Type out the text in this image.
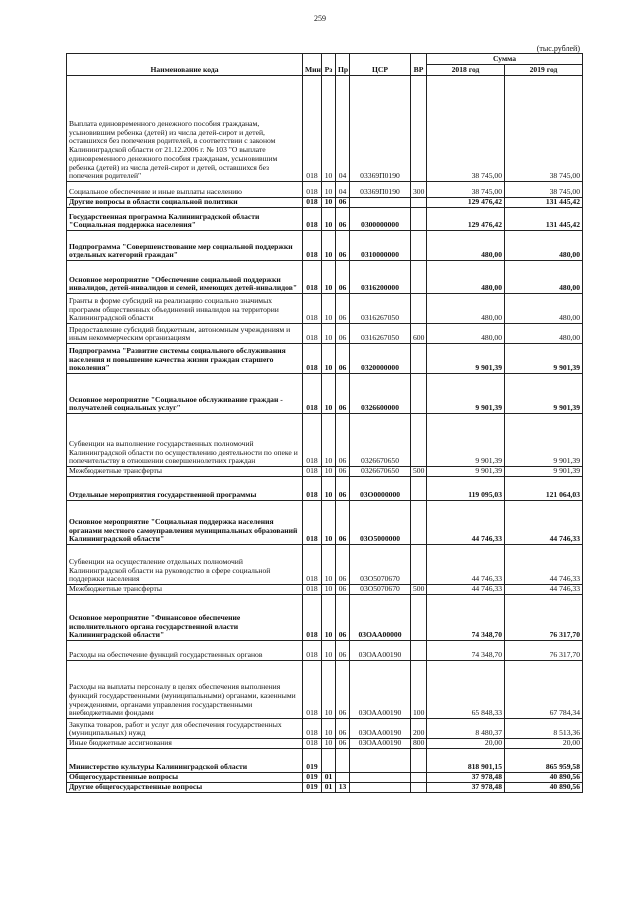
259
(тыс.рублей)
Наименование кода	Мин	Рз	Пр	ЦСР	ВР	Сумма	
						2018 год	2019 год
Выплата единовременного денежного пособия гражданам, усыновившим ребенка (детей) из числа детей-сирот и детей, оставшихся без попечения родителей, в соответствии с законом Калининградской области от 21.12.2006 г. № 103 "О выплате единовременного денежного пособия гражданам, усыновившим ребенка (детей) из числа детей-сирот и детей, оставшихся без попечения родителей"	018	10	04	03369П0190		38 745,00	38 745,00
Социальное обеспечение и иные выплаты населению	018	10	04	03369П0190	300	38 745,00	38 745,00
Другие вопросы в области социальной политики	018	10	06			129 476,42	131 445,42
Государственная программа Калининградской области "Социальная поддержка населения"	018	10	06	0300000000		129 476,42	131 445,42
Подпрограмма "Совершенствование мер социальной поддержки отдельных категорий граждан"	018	10	06	0310000000		480,00	480,00
Основное мероприятие "Обеспечение социальной поддержки инвалидов, детей-инвалидов и семей, имеющих детей-инвалидов"	018	10	06	0316200000		480,00	480,00
Гранты в форме субсидий на реализацию социально значимых программ общественных объединений инвалидов на территории Калининградской области	018	10	06	0316267050		480,00	480,00
Предоставление субсидий бюджетным, автономным учреждениям и иным некоммерческим организациям	018	10	06	0316267050	600	480,00	480,00
Подпрограмма "Развитие системы социального обслуживания населения и повышение качества жизни граждан старшего поколения"	018	10	06	0320000000		9 901,39	9 901,39
Основное мероприятие "Социальное обслуживание граждан - получателей социальных услуг"	018	10	06	0326600000		9 901,39	9 901,39
Субвенции на выполнение государственных полномочий Калининградской области по осуществлению деятельности по опеке и попечительству в отношении совершеннолетних граждан	018	10	06	0326670650		9 901,39	9 901,39
Межбюджетные трансферты	018	10	06	0326670650	500	9 901,39	9 901,39
Отдельные мероприятия государственной программы	018	10	06	03О0000000		119 095,03	121 064,03
Основное мероприятие "Социальная поддержка населения органами местного самоуправления муниципальных образований Калининградской области"	018	10	06	03О5000000		44 746,33	44 746,33
Субвенции на осуществление отдельных полномочий Калининградской области на руководство в сфере социальной поддержки населения	018	10	06	03О5070670		44 746,33	44 746,33
Межбюджетные трансферты	018	10	06	03О5070670	500	44 746,33	44 746,33
Основное мероприятие "Финансовое обеспечение исполнительного органа государственной власти Калининградской области"	018	10	06	03ОАА00000		74 348,70	76 317,70
Расходы на обеспечение функций государственных органов	018	10	06	03ОАА00190		74 348,70	76 317,70
Расходы на выплаты персоналу в целях обеспечения выполнения функций государственными (муниципальными) органами, казенными учреждениями, органами управления государственными внебюджетными фондами	018	10	06	03ОАА00190	100	65 848,33	67 784,34
Закупка товаров, работ и услуг для обеспечения государственных (муниципальных) нужд	018	10	06	03ОАА00190	200	8 480,37	8 513,36
Иные бюджетные ассигнования	018	10	06	03ОАА00190	800	20,00	20,00
Министерство культуры Калининградской области	019					818 901,15	865 959,58
Общегосударственные вопросы	019	01				37 978,48	40 890,56
Другие общегосударственные вопросы	019	01	13			37 978,48	40 890,56
